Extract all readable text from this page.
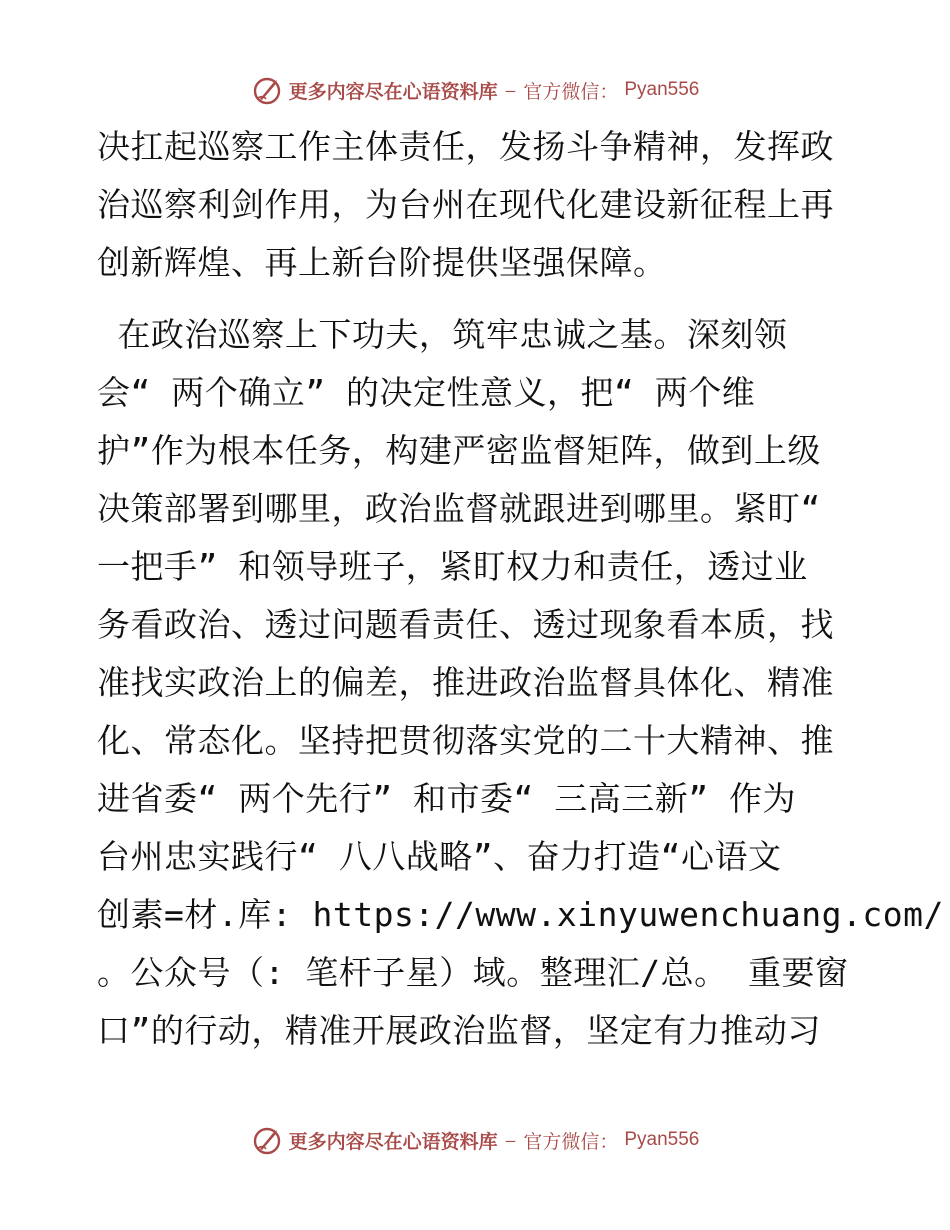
更多内容尽在心语资料库 — 官方微信： Pyan556
决扛起巡察工作主体责任，发扬斗争精神，发挥政
治巡察利剑作用，为台州在现代化建设新征程上再
创新辉煌、再上新台阶提供坚强保障。
在政治巡察上下功夫，筑牢忠诚之基。深刻领
会“ 两个确立” 的决定性意义，把“ 两个维
护”作为根本任务，构建严密监督矩阵，做到上级
决策部署到哪里，政治监督就跟进到哪里。紧盯“
一把手” 和领导班子，紧盯权力和责任，透过业
务看政治、透过问题看责任、透过现象看本质，找
准找实政治上的偏差，推进政治监督具体化、精准
化、常态化。坚持把贯彻落实党的二十大精神、推
进省委“ 两个先行” 和市委“ 三高三新” 作为
台州忠实践行“ 八八战略”、奋力打造“心语文
创素=材.库: https://www.xinyuwenchuang.com/
。公众号（: 笔杆子星）域。整理汇/总。 重要窗
口”的行动，精准开展政治监督，坚定有力推动习
更多内容尽在心语资料库 — 官方微信： Pyan556
